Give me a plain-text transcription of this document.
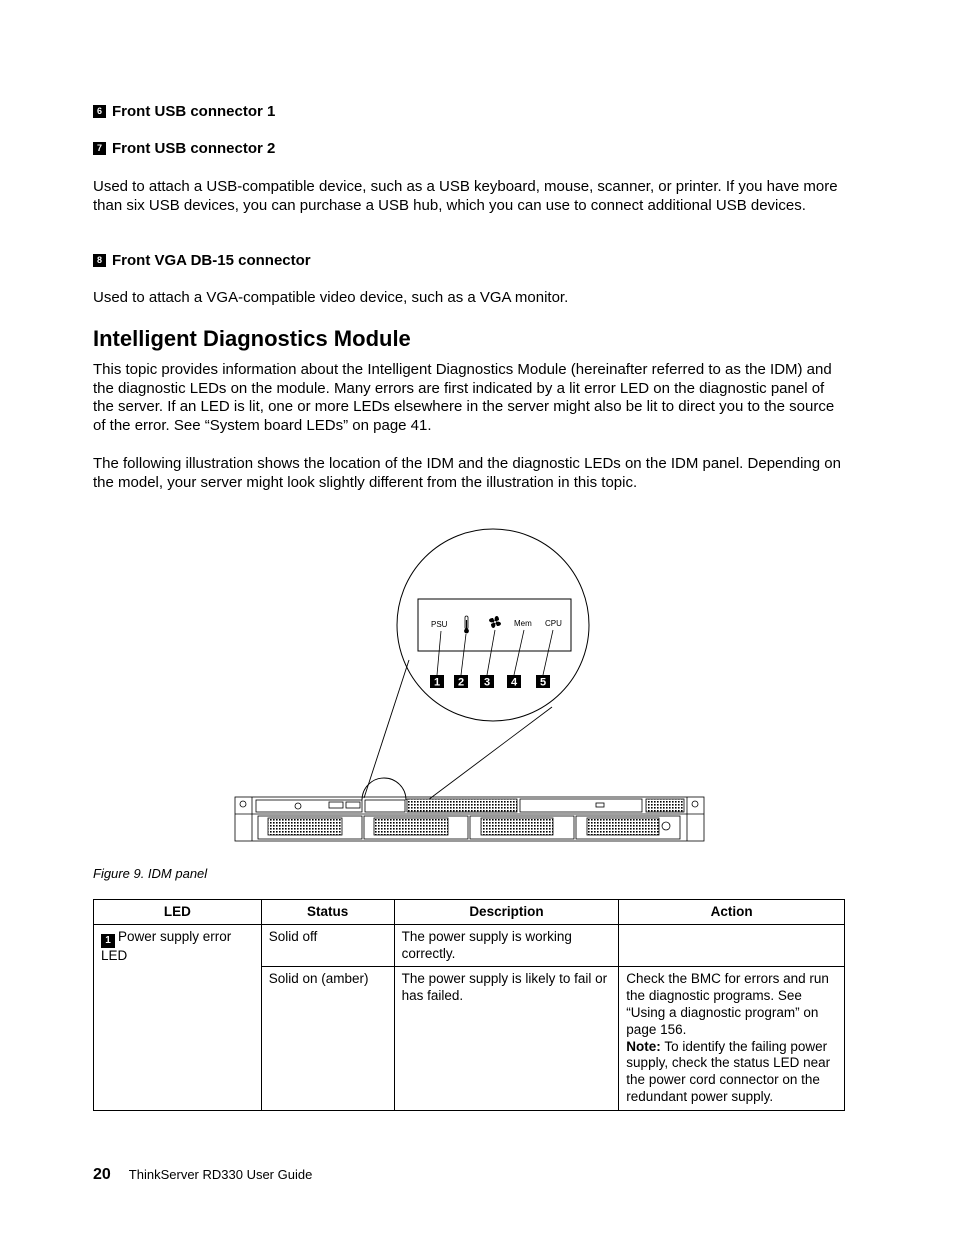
6 Front USB connector 1
7 Front USB connector 2
Used to attach a USB-compatible device, such as a USB keyboard, mouse, scanner, or printer. If you have more than six USB devices, you can purchase a USB hub, which you can use to connect additional USB devices.
8 Front VGA DB-15 connector
Used to attach a VGA-compatible video device, such as a VGA monitor.
Intelligent Diagnostics Module
This topic provides information about the Intelligent Diagnostics Module (hereinafter referred to as the IDM) and the diagnostic LEDs on the module. Many errors are first indicated by a lit error LED on the diagnostic panel of the server. If an LED is lit, one or more LEDs elsewhere in the server might also be lit to direct you to the source of the error. See “System board LEDs” on page 41.
The following illustration shows the location of the IDM and the diagnostic LEDs on the IDM panel. Depending on the model, your server might look slightly different from the illustration in this topic.
PSU	Mem CPU
1 2 3 4 5
Figure 9. IDM panel
LED	Status	Description	Action
1 Power supply error LED	Solid off	The power supply is working correctly.	
	Solid on (amber)	The power supply is likely to fail or has failed.	Check the BMC for errors and run the diagnostic programs. See “Using a diagnostic program” on page 156.
Note: To identify the failing power supply, check the status LED near the power cord connector on the redundant power supply.
20 ThinkServer RD330 User Guide
